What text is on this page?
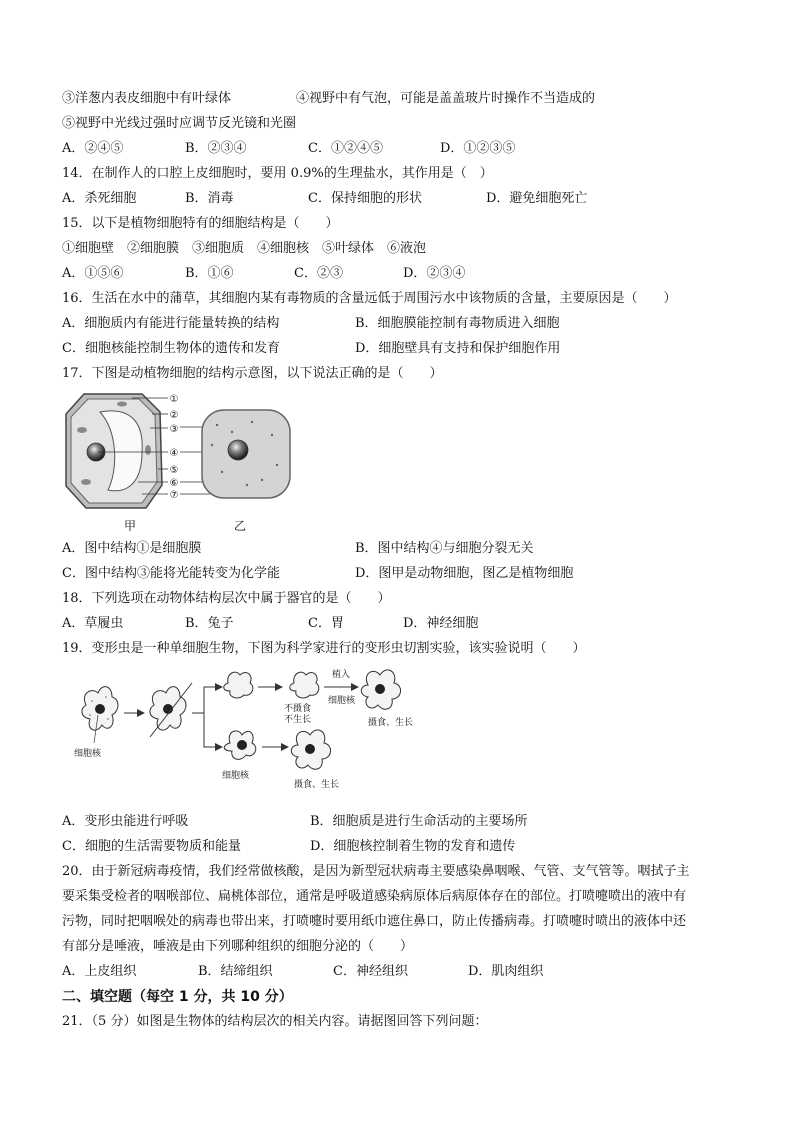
③洋葱内表皮细胞中有叶绿体	④视野中有气泡，可能是盖盖玻片时操作不当造成的
⑤视野中光线过强时应调节反光镜和光圈
A．②④⑤	B．②③④	C．①②④⑤	D．①②③⑤
14．在制作人的口腔上皮细胞时，要用 0.9%的生理盐水，其作用是（　）
A．杀死细胞	B．消毒	C．保持细胞的形状	D．避免细胞死亡
15．以下是植物细胞特有的细胞结构是（　　）
①细胞壁　②细胞膜　③细胞质　④细胞核　⑤叶绿体　⑥液泡
A．①⑤⑥	B．①⑥	C．②③	D．②③④
16．生活在水中的蒲草，其细胞内某有毒物质的含量远低于周围污水中该物质的含量，主要原因是（　　）
A．细胞质内有能进行能量转换的结构	B．细胞膜能控制有毒物质进入细胞
C．细胞核能控制生物体的遗传和发育	D．细胞壁具有支持和保护细胞作用
17．下图是动植物细胞的结构示意图，以下说法正确的是（　　）
①
②
③
④
⑤
⑥
⑦
甲	乙
A．图中结构①是细胞膜	B．图中结构④与细胞分裂无关
C．图中结构③能将光能转变为化学能	D．图甲是动物细胞，图乙是植物细胞
18．下列选项在动物体结构层次中属于器官的是（　　）
A．草履虫	B．兔子	C．胃	D．神经细胞
19．变形虫是一种单细胞生物，下图为科学家进行的变形虫切割实验，该实验说明（　　）
细胞核
不摄食
不生长
植入
细胞核
摄食、生长
细胞核
摄食、生长
A．变形虫能进行呼吸	B．细胞质是进行生命活动的主要场所
C．细胞的生活需要物质和能量	D．细胞核控制着生物的发育和遗传
20．由于新冠病毒疫情，我们经常做核酸，是因为新型冠状病毒主要感染鼻咽喉、气管、支气管等。咽拭子主
要采集受检者的咽喉部位、扁桃体部位，通常是呼吸道感染病原体后病原体存在的部位。打喷嚏喷出的液中有
污物，同时把咽喉处的病毒也带出来，打喷嚏时要用纸巾遮住鼻口，防止传播病毒。打喷嚏时喷出的液体中还
有部分是唾液，唾液是由下列哪种组织的细胞分泌的（　　）
A．上皮组织	B．结缔组织	C．神经组织	D．肌肉组织
二、填空题（每空 1 分，共 10 分）
21．（5 分）如图是生物体的结构层次的相关内容。请据图回答下列问题：
